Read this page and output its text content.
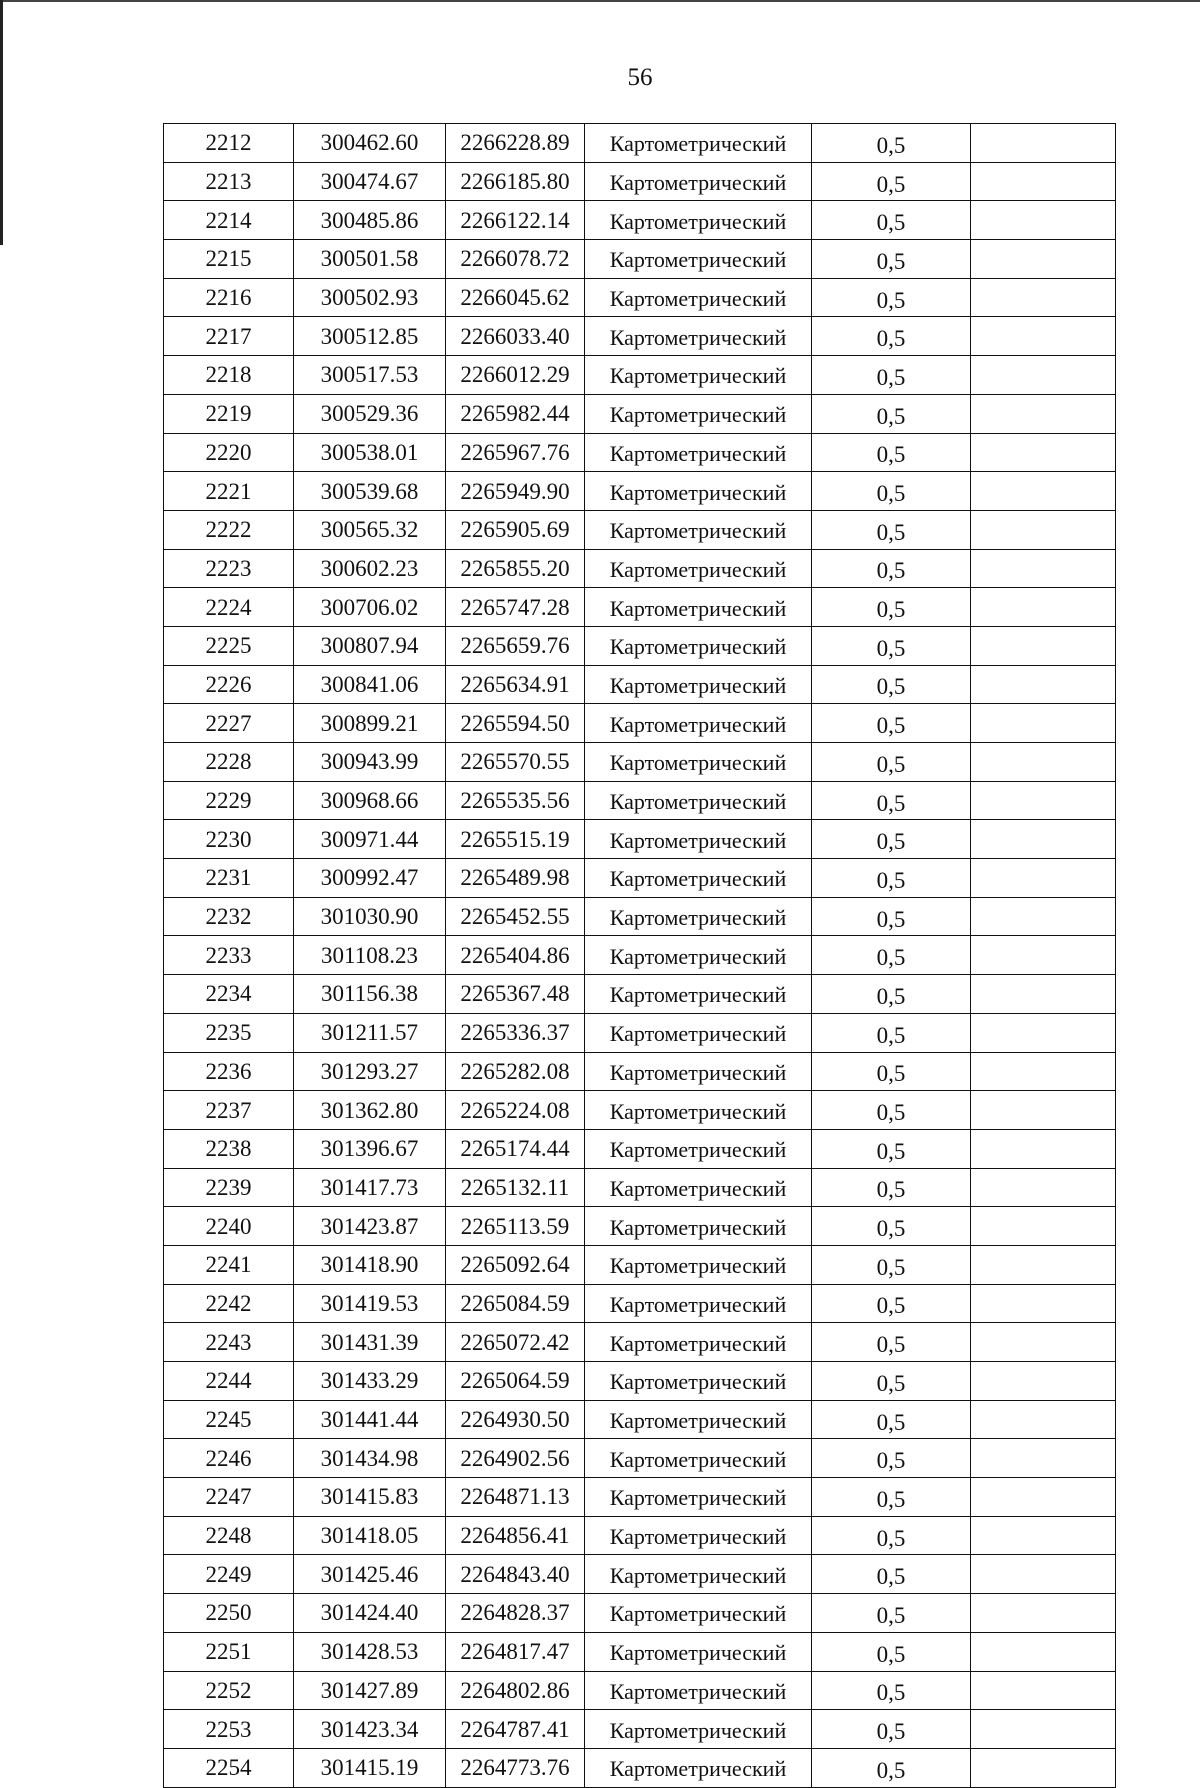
56
2212	300462.60	2266228.89	Картометрический	0,5	
2213	300474.67	2266185.80	Картометрический	0,5	
2214	300485.86	2266122.14	Картометрический	0,5	
2215	300501.58	2266078.72	Картометрический	0,5	
2216	300502.93	2266045.62	Картометрический	0,5	
2217	300512.85	2266033.40	Картометрический	0,5	
2218	300517.53	2266012.29	Картометрический	0,5	
2219	300529.36	2265982.44	Картометрический	0,5	
2220	300538.01	2265967.76	Картометрический	0,5	
2221	300539.68	2265949.90	Картометрический	0,5	
2222	300565.32	2265905.69	Картометрический	0,5	
2223	300602.23	2265855.20	Картометрический	0,5	
2224	300706.02	2265747.28	Картометрический	0,5	
2225	300807.94	2265659.76	Картометрический	0,5	
2226	300841.06	2265634.91	Картометрический	0,5	
2227	300899.21	2265594.50	Картометрический	0,5	
2228	300943.99	2265570.55	Картометрический	0,5	
2229	300968.66	2265535.56	Картометрический	0,5	
2230	300971.44	2265515.19	Картометрический	0,5	
2231	300992.47	2265489.98	Картометрический	0,5	
2232	301030.90	2265452.55	Картометрический	0,5	
2233	301108.23	2265404.86	Картометрический	0,5	
2234	301156.38	2265367.48	Картометрический	0,5	
2235	301211.57	2265336.37	Картометрический	0,5	
2236	301293.27	2265282.08	Картометрический	0,5	
2237	301362.80	2265224.08	Картометрический	0,5	
2238	301396.67	2265174.44	Картометрический	0,5	
2239	301417.73	2265132.11	Картометрический	0,5	
2240	301423.87	2265113.59	Картометрический	0,5	
2241	301418.90	2265092.64	Картометрический	0,5	
2242	301419.53	2265084.59	Картометрический	0,5	
2243	301431.39	2265072.42	Картометрический	0,5	
2244	301433.29	2265064.59	Картометрический	0,5	
2245	301441.44	2264930.50	Картометрический	0,5	
2246	301434.98	2264902.56	Картометрический	0,5	
2247	301415.83	2264871.13	Картометрический	0,5	
2248	301418.05	2264856.41	Картометрический	0,5	
2249	301425.46	2264843.40	Картометрический	0,5	
2250	301424.40	2264828.37	Картометрический	0,5	
2251	301428.53	2264817.47	Картометрический	0,5	
2252	301427.89	2264802.86	Картометрический	0,5	
2253	301423.34	2264787.41	Картометрический	0,5	
2254	301415.19	2264773.76	Картометрический	0,5	
